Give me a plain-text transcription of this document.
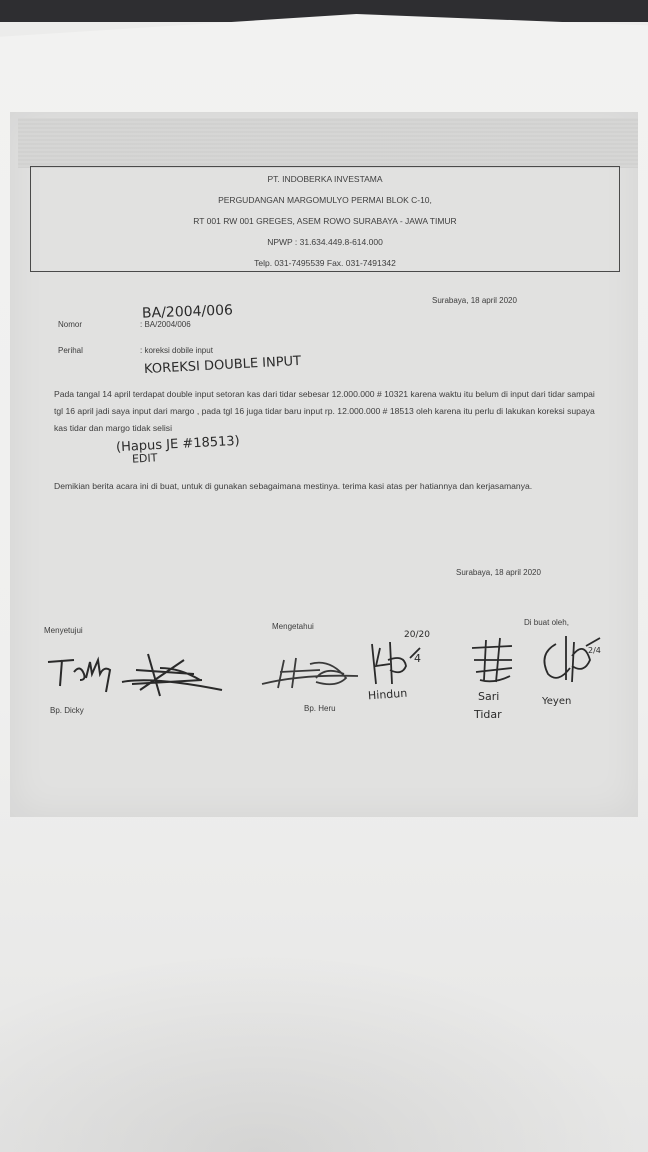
PT. INDOBERKA INVESTAMA
PERGUDANGAN MARGOMULYO PERMAI BLOK C-10,
RT 001 RW 001 GREGES, ASEM ROWO SURABAYA - JAWA TIMUR
NPWP : 31.634.449.8-614.000
Telp. 031-7495539 Fax. 031-7491342
Surabaya, 18 april 2020
BA/2004/006
Nomor	: BA/2004/006
Perihal	: koreksi dobile input
KOREKSI DOUBLE INPUT
Pada tangal 14 april terdapat double input setoran kas dari tidar sebesar 12.000.000 # 10321 karena waktu itu belum di input dari tidar sampai tgl 16 april jadi saya input dari margo , pada tgl 16 juga tidar baru input rp. 12.000.000 # 18513 oleh karena itu perlu di lakukan koreksi supaya kas tidar dan margo tidak selisi
(Hapus JE #18513)
EDIT
Demikian berita acara ini di buat, untuk di gunakan sebagaimana mestinya. terima kasi atas per hatiannya dan kerjasamanya.
Surabaya, 18 april 2020
Menyetujui	Mengetahui	Di buat oleh,
Bp. Dicky	Bp. Heru
20/20
4
Hindun	Sari
Tidar
2/4
Yeyen
